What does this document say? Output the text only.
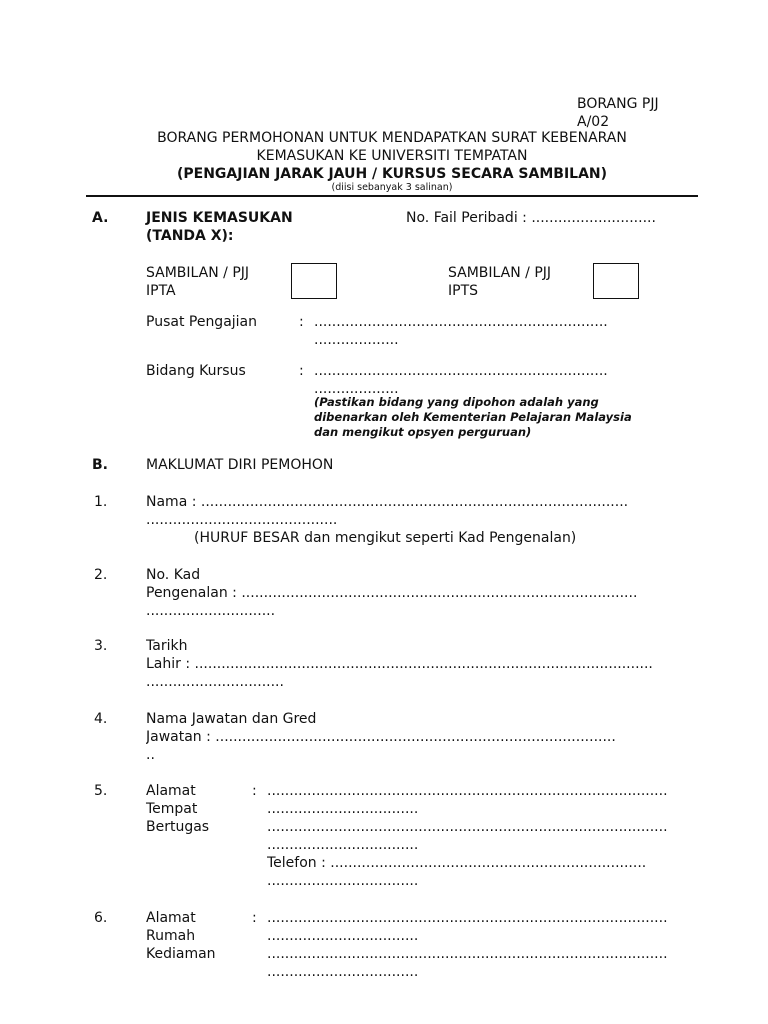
BORANG PJJ
A/02
BORANG PERMOHONAN UNTUK MENDAPATKAN SURAT KEBENARAN
KEMASUKAN KE UNIVERSITI TEMPATAN
(PENGAJIAN JARAK JAUH / KURSUS SECARA SAMBILAN)
(diisi sebanyak 3 salinan)
A.	JENIS KEMASUKAN
(TANDA X):
No. Fail Peribadi : ............................
SAMBILAN / PJJ
IPTA
SAMBILAN / PJJ
IPTS
Pusat Pengajian	: ..................................................................
...................
Bidang Kursus	: ..................................................................
...................
(Pastikan bidang yang dipohon adalah yang
dibenarkan oleh Kementerian Pelajaran Malaysia
dan mengikut opsyen perguruan)
B.	MAKLUMAT DIRI PEMOHON
1.	Nama : ................................................................................................
...........................................
(HURUF BESAR dan mengikut seperti Kad Pengenalan)
2.	No. Kad
Pengenalan : .........................................................................................
.............................
3.	Tarikh
Lahir : .......................................................................................................
...............................
4.	Nama Jawatan dan Gred
Jawatan : ..........................................................................................
..
5.	Alamat
Tempat
Bertugas
: ..........................................................................................
..................................
..........................................................................................
..................................
Telefon : .......................................................................
..................................
6.	Alamat
Rumah
Kediaman
: ..........................................................................................
..................................
..........................................................................................
..................................
